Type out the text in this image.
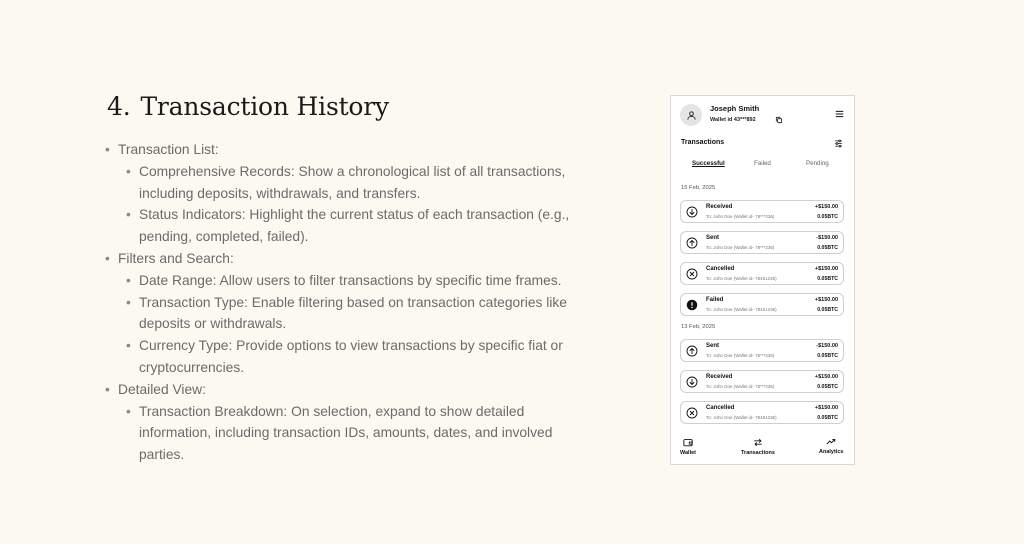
4. Transaction History
• Transaction List:
• Comprehensive Records: Show a chronological list of all transactions, including deposits, withdrawals, and transfers.
• Status Indicators: Highlight the current status of each transaction (e.g., pending, completed, failed).
• Filters and Search:
• Date Range: Allow users to filter transactions by specific time frames.
• Transaction Type: Enable filtering based on transaction categories like deposits or withdrawals.
• Currency Type: Provide options to view transactions by specific fiat or cryptocurrencies.
• Detailed View:
• Transaction Breakdown: On selection, expand to show detailed information, including transaction IDs, amounts, dates, and involved parties.
Joseph Smith
Wallet id 43***892
Transactions
Successful	Failed	Pending
15 Feb, 2025
Received
To: John Doe (Wallet id- 78***236)
+$150.00
0.05BTC
Sent
To: John Doe (Wallet id- 78***236)
-$150.00
0.05BTC
Cancelled
To: John Doe (Wallet id- 78451236)
+$150.00
0.05BTC
Failed
To: John Doe (Wallet id- 78451236)
+$150.00
0.05BTC
13 Feb, 2025
Sent
To: John Doe (Wallet id- 78***236)
-$150.00
0.05BTC
Received
To: John Doe (Wallet id- 78***236)
+$150.00
0.05BTC
Cancelled
To: John Doe (Wallet id- 78451236)
+$150.00
0.05BTC
Wallet	Transactions	Analytics
